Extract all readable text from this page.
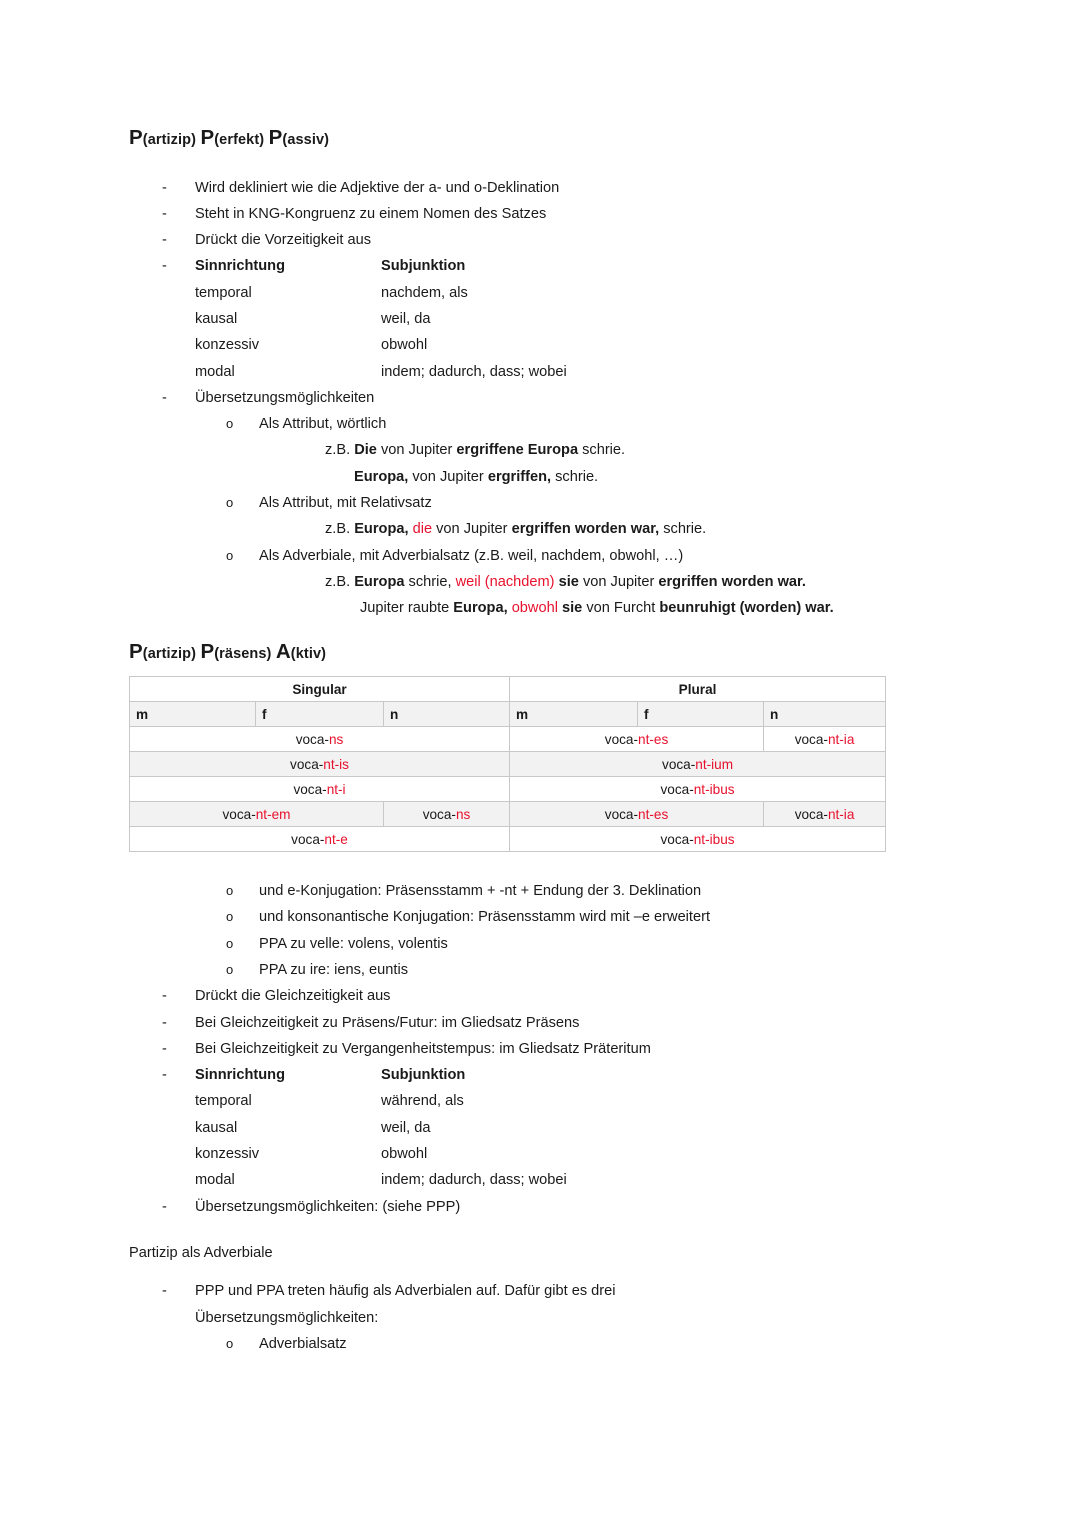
P(artizip) P(erfekt) P(assiv)
- Wird dekliniert wie die Adjektive der a- und o-Deklination
- Steht in KNG-Kongruenz zu einem Nomen des Satzes
- Drückt die Vorzeitigkeit aus
- Sinnrichtung	Subjunktion
temporal	nachdem, als
kausal	weil, da
konzessiv	obwohl
modal	indem; dadurch, dass; wobei
- Übersetzungsmöglichkeiten
o Als Attribut, wörtlich
z.B. Die von Jupiter ergriffene Europa schrie.
Europa, von Jupiter ergriffen, schrie.
o Als Attribut, mit Relativsatz
z.B. Europa, die von Jupiter ergriffen worden war, schrie.
o Als Adverbiale, mit Adverbialsatz (z.B. weil, nachdem, obwohl, …)
z.B. Europa schrie, weil (nachdem) sie von Jupiter ergriffen worden war.
Jupiter raubte Europa, obwohl sie von Furcht beunruhigt (worden) war.
P(artizip) P(räsens) A(ktiv)
Singular			Plural		
m	f	n	m	f	n
voca-ns			voca-nt-es		voca-nt-ia
voca-nt-is			voca-nt-ium		
voca-nt-i			voca-nt-ibus		
voca-nt-em		voca-ns	voca-nt-es		voca-nt-ia
voca-nt-e			voca-nt-ibus		
o und e-Konjugation: Präsensstamm + -nt + Endung der 3. Deklination
o und konsonantische Konjugation: Präsensstamm wird mit –e erweitert
o PPA zu velle: volens, volentis
o PPA zu ire: iens, euntis
- Drückt die Gleichzeitigkeit aus
- Bei Gleichzeitigkeit zu Präsens/Futur: im Gliedsatz Präsens
- Bei Gleichzeitigkeit zu Vergangenheitstempus: im Gliedsatz Präteritum
- Sinnrichtung	Subjunktion
temporal	während, als
kausal	weil, da
konzessiv	obwohl
modal	indem; dadurch, dass; wobei
- Übersetzungsmöglichkeiten: (siehe PPP)
Partizip als Adverbiale
- PPP und PPA treten häufig als Adverbialen auf. Dafür gibt es drei
Übersetzungsmöglichkeiten:
o Adverbialsatz
